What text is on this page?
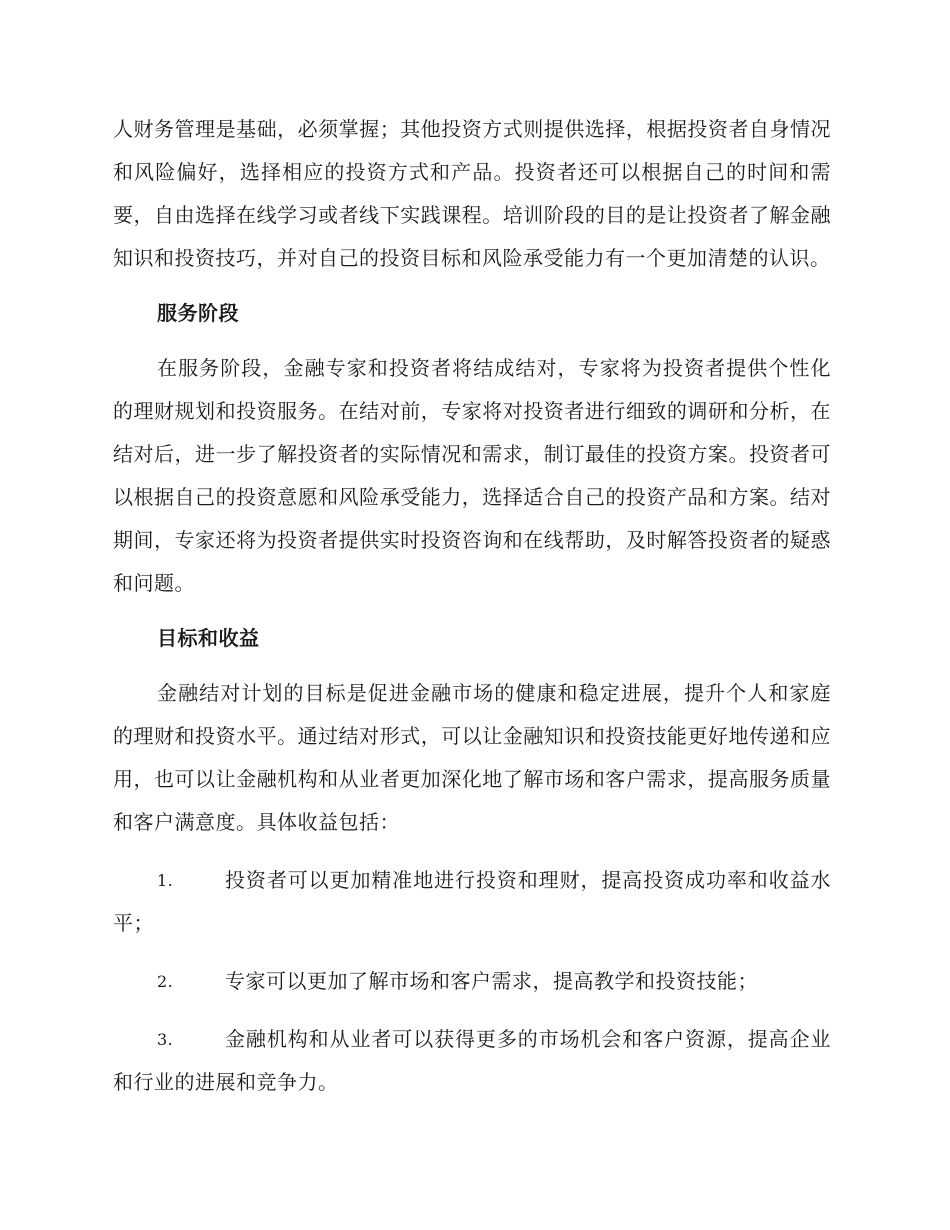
人财务管理是基础，必须掌握；其他投资方式则提供选择，根据投资者自身情况和风险偏好，选择相应的投资方式和产品。投资者还可以根据自己的时间和需要，自由选择在线学习或者线下实践课程。培训阶段的目的是让投资者了解金融知识和投资技巧，并对自己的投资目标和风险承受能力有一个更加清楚的认识。

服务阶段

在服务阶段，金融专家和投资者将结成结对，专家将为投资者提供个性化的理财规划和投资服务。在结对前，专家将对投资者进行细致的调研和分析，在结对后，进一步了解投资者的实际情况和需求，制订最佳的投资方案。投资者可以根据自己的投资意愿和风险承受能力，选择适合自己的投资产品和方案。结对期间，专家还将为投资者提供实时投资咨询和在线帮助，及时解答投资者的疑惑和问题。

目标和收益

金融结对计划的目标是促进金融市场的健康和稳定进展，提升个人和家庭的理财和投资水平。通过结对形式，可以让金融知识和投资技能更好地传递和应用，也可以让金融机构和从业者更加深化地了解市场和客户需求，提高服务质量和客户满意度。具体收益包括：

1.	投资者可以更加精准地进行投资和理财，提高投资成功率和收益水平；

2.	专家可以更加了解市场和客户需求，提高教学和投资技能；

3.	金融机构和从业者可以获得更多的市场机会和客户资源，提高企业和行业的进展和竞争力。
